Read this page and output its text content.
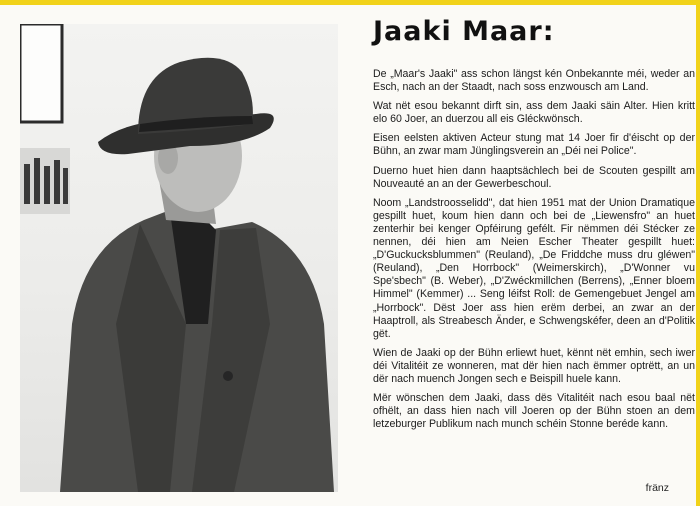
Jaaki Maar:

De „Maar's Jaaki" ass schon längst kén Onbekannte méi, weder an Esch, nach an der Staadt, nach soss enzwousch am Land.

Wat nët esou bekannt dirft sin, ass dem Jaaki säin Alter. Hien kritt elo 60 Joer, an duerzou all eis Gléckwönsch.

Eisen eelsten aktiven Acteur stung mat 14 Joer fir d'éischt op der Bühn, an zwar mam Jünglingsverein an „Déi nei Police".

Duerno huet hien dann haaptsächlech bei de Scouten gespillt am Nouveauté an an der Gewerbeschoul.

Noom „Landstroosselidd", dat hien 1951 mat der Union Dramatique gespillt huet, koum hien dann och bei de „Liewensfro" an huet zenterhir bei kenger Opféirung gefélt. Fir nëmmen déi Stécker ze nennen, déi hien am Neien Escher Theater gespillt huet: „D'Guckucksblummen" (Reuland), „De Friddche muss dru gléwen" (Reuland), „Den Horrbock" (Weimerskirch), „D'Wonner vu Spe'sbech" (B. Weber), „D'Zwéckmillchen (Berrens), „Enner bloem Himmel" (Kemmer) ... Seng léifst Roll: de Gemengebuet Jengel am „Horrbock". Dëst Joer ass hien erëm derbei, an zwar an der Haaptroll, als Streabesch Änder, e Schwengskéfer, deen an d'Politik gët.

Wien de Jaaki op der Bühn erliewt huet, kënnt nët emhin, sech iwer déi Vitalitéit ze wonneren, mat dër hien nach ëmmer optrëtt, an un dër nach muench Jongen sech e Beispill huele kann.

Mër wönschen dem Jaaki, dass dës Vitalitéit nach esou baal nët ofhëlt, an dass hien nach vill Joeren op der Bühn stoen an dem letzeburger Publikum nach munch schéin Stonne beréde kann.

fränz
